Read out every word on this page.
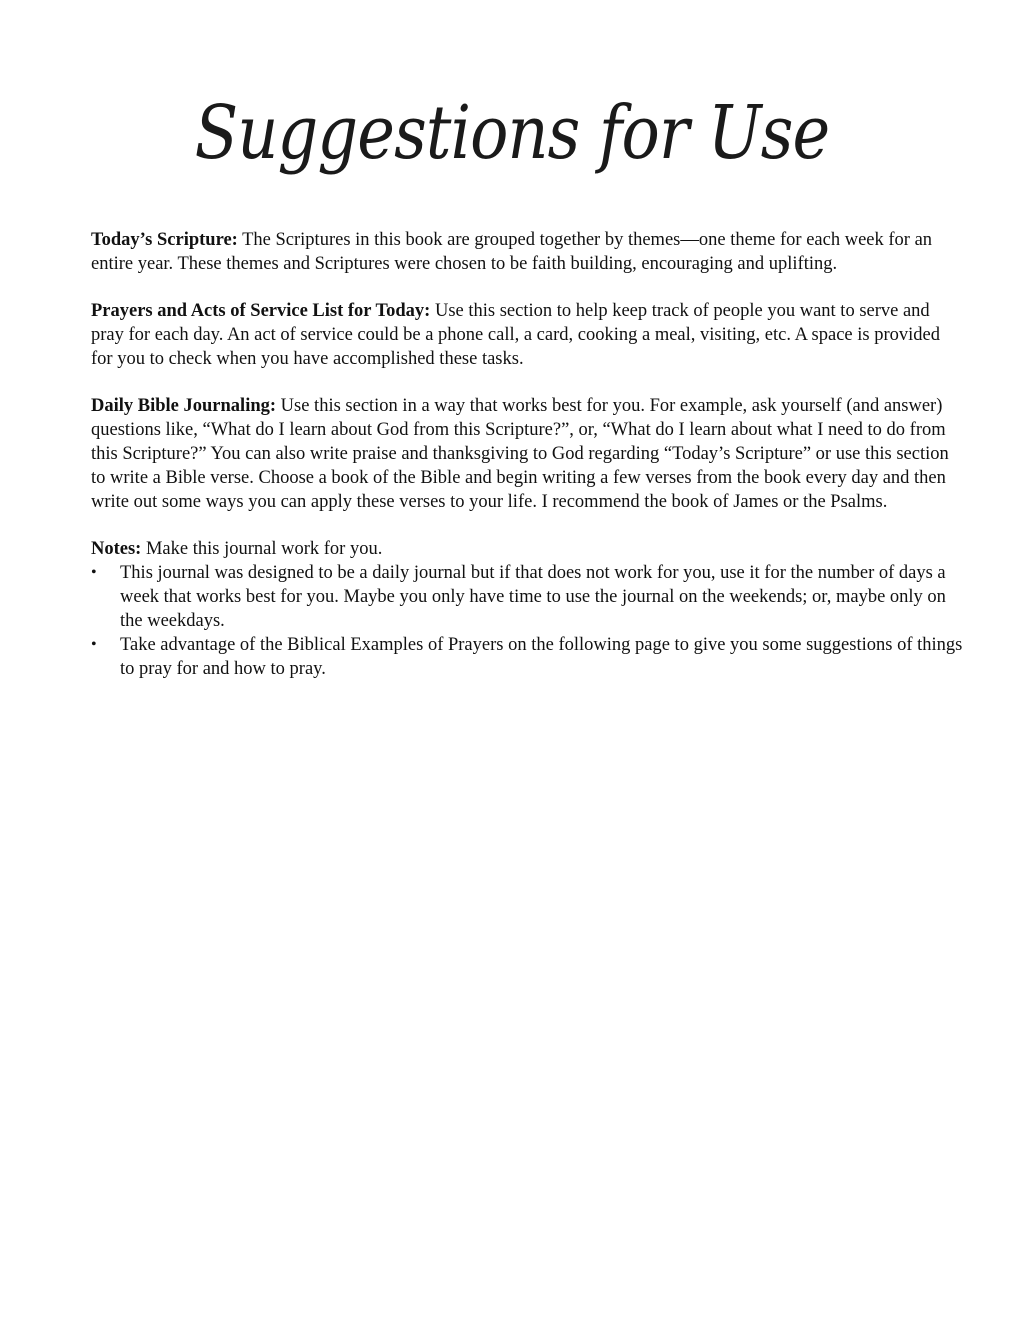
Suggestions for Use

Today’s Scripture: The Scriptures in this book are grouped together by themes—one theme for each week for an entire year. These themes and Scriptures were chosen to be faith building, encouraging and uplifting.

Prayers and Acts of Service List for Today: Use this section to help keep track of people you want to serve and pray for each day. An act of service could be a phone call, a card, cooking a meal, visiting, etc. A space is provided for you to check when you have accomplished these tasks.

Daily Bible Journaling: Use this section in a way that works best for you. For example, ask yourself (and answer) questions like, “What do I learn about God from this Scripture?”, or, “What do I learn about what I need to do from this Scripture?” You can also write praise and thanksgiving to God regarding “Today’s Scripture” or use this section to write a Bible verse. Choose a book of the Bible and begin writing a few verses from the book every day and then write out some ways you can apply these verses to your life. I recommend the book of James or the Psalms.

Notes: Make this journal work for you.
•	This journal was designed to be a daily journal but if that does not work for you, use it for the number of days a week that works best for you. Maybe you only have time to use the journal on the weekends; or, maybe only on the weekdays.
•	Take advantage of the Biblical Examples of Prayers on the following page to give you some suggestions of things to pray for and how to pray.
